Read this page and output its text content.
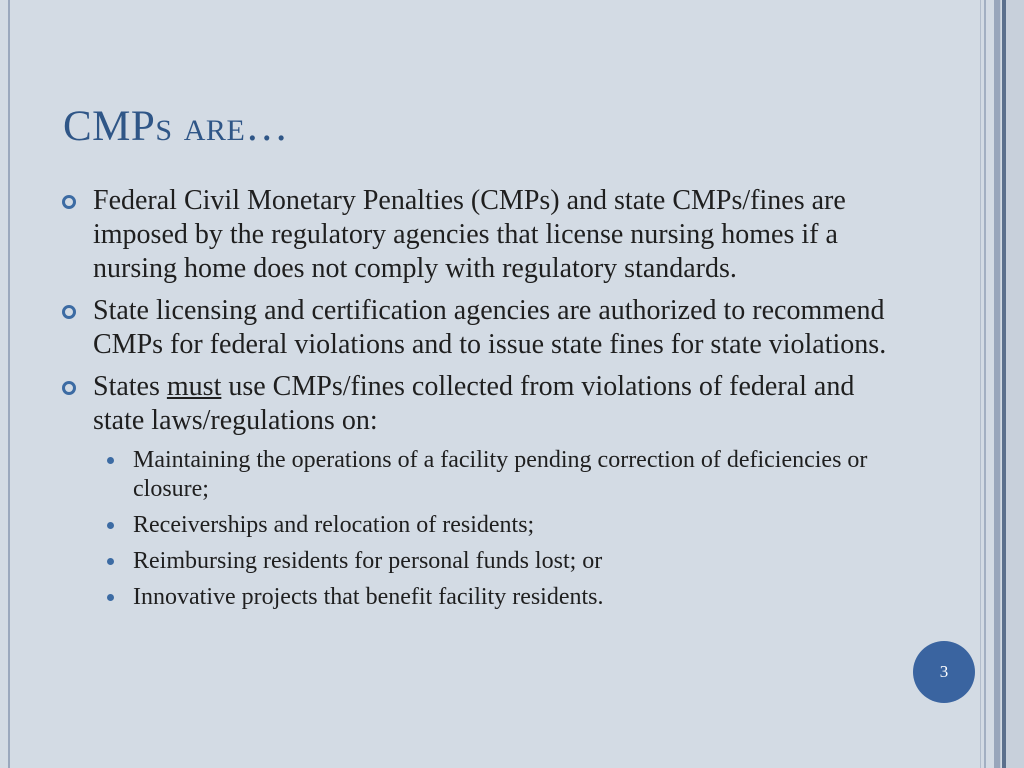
CMPs are…
Federal Civil Monetary Penalties (CMPs) and state CMPs/fines are imposed by the regulatory agencies that license nursing homes if a nursing home does not comply with regulatory standards.
State licensing and certification agencies are authorized to recommend CMPs for federal violations and to issue state fines for state violations.
States must use CMPs/fines collected from violations of federal and state laws/regulations on:
Maintaining the operations of a facility pending correction of deficiencies or closure;
Receiverships and relocation of residents;
Reimbursing residents for personal funds lost; or
Innovative projects that benefit facility residents.
3
